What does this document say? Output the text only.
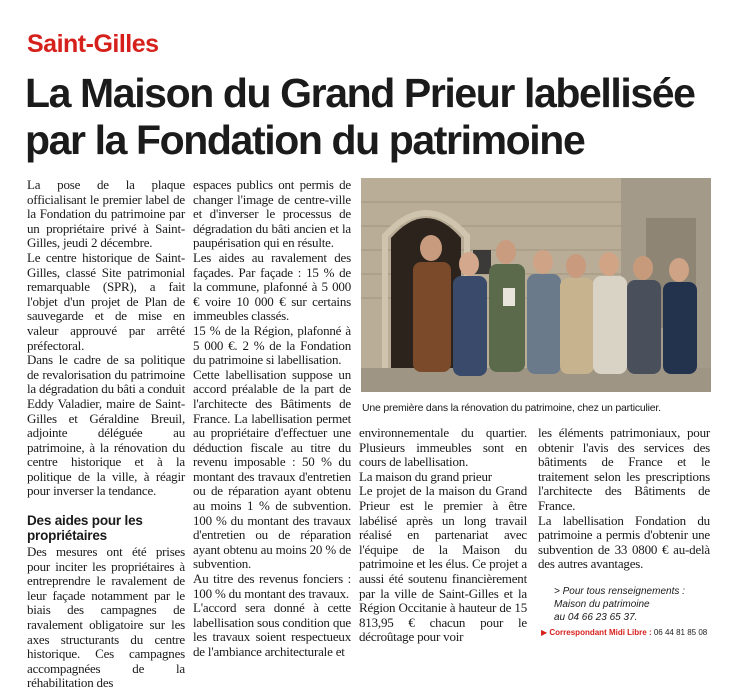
Saint-Gilles
La Maison du Grand Prieur labellisée
par la Fondation du patrimoine

La pose de la plaque officialisant le premier label de la Fondation du patrimoine par un propriétaire privé à Saint-Gilles, jeudi 2 décembre.

Le centre historique de Saint-Gilles, classé Site patrimonial remarquable (SPR), a fait l'objet d'un projet de Plan de sauvegarde et de mise en valeur approuvé par arrêté préfectoral.

Dans le cadre de sa politique de revalorisation du patrimoine la dégradation du bâti a conduit Eddy Valadier, maire de Saint-Gilles et Géraldine Breuil, adjointe déléguée au patrimoine, à la rénovation du centre historique et à la politique de la ville, à réagir pour inverser la tendance.

Des aides pour les propriétaires

Des mesures ont été prises pour inciter les propriétaires à entreprendre le ravalement de leur façade notamment par le biais des campagnes de ravalement obligatoire sur les axes structurants du centre historique. Ces campagnes accompagnées de la réhabilitation des

espaces publics ont permis de changer l'image de centre-ville et d'inverser le processus de dégradation du bâti ancien et la paupérisation qui en résulte.

Les aides au ravalement des façades. Par façade : 15 % de la commune, plafonné à 5 000 € voire 10 000 € sur certains immeubles classés.

15 % de la Région, plafonné à 5 000 €. 2 % de la Fondation du patrimoine si labellisation.

Cette labellisation suppose un accord préalable de la part de l'architecte des Bâtiments de France. La labellisation permet au propriétaire d'effectuer une déduction fiscale au titre du revenu imposable : 50 % du montant des travaux d'entretien ou de réparation ayant obtenu au moins 1 % de subvention. 100 % du montant des travaux d'entretien ou de réparation ayant obtenu au moins 20 % de subvention.

Au titre des revenus fonciers : 100 % du montant des travaux.

L'accord sera donné à cette labellisation sous condition que les travaux soient respectueux de l'ambiance architecturale et

Une première dans la rénovation du patrimoine, chez un particulier.

environnementale du quartier. Plusieurs immeubles sont en cours de labellisation.

La maison du grand prieur

Le projet de la maison du Grand Prieur est le premier à être labélisé après un long travail réalisé en partenariat avec l'équipe de la Maison du patrimoine et les élus. Ce projet a aussi été soutenu financièrement par la ville de Saint-Gilles et la Région Occitanie à hauteur de 15 813,95 € chacun pour le décroûtage pour voir

les éléments patrimoniaux, pour obtenir l'avis des services des bâtiments de France et le traitement selon les prescriptions l'architecte des Bâtiments de France.

La labellisation Fondation du patrimoine a permis d'obtenir une subvention de 33 0800 € au-delà des autres avantages.

> Pour tous renseignements :
Maison du patrimoine
au 04 66 23 65 37.
▶ Correspondant Midi Libre : 06 44 81 85 08
